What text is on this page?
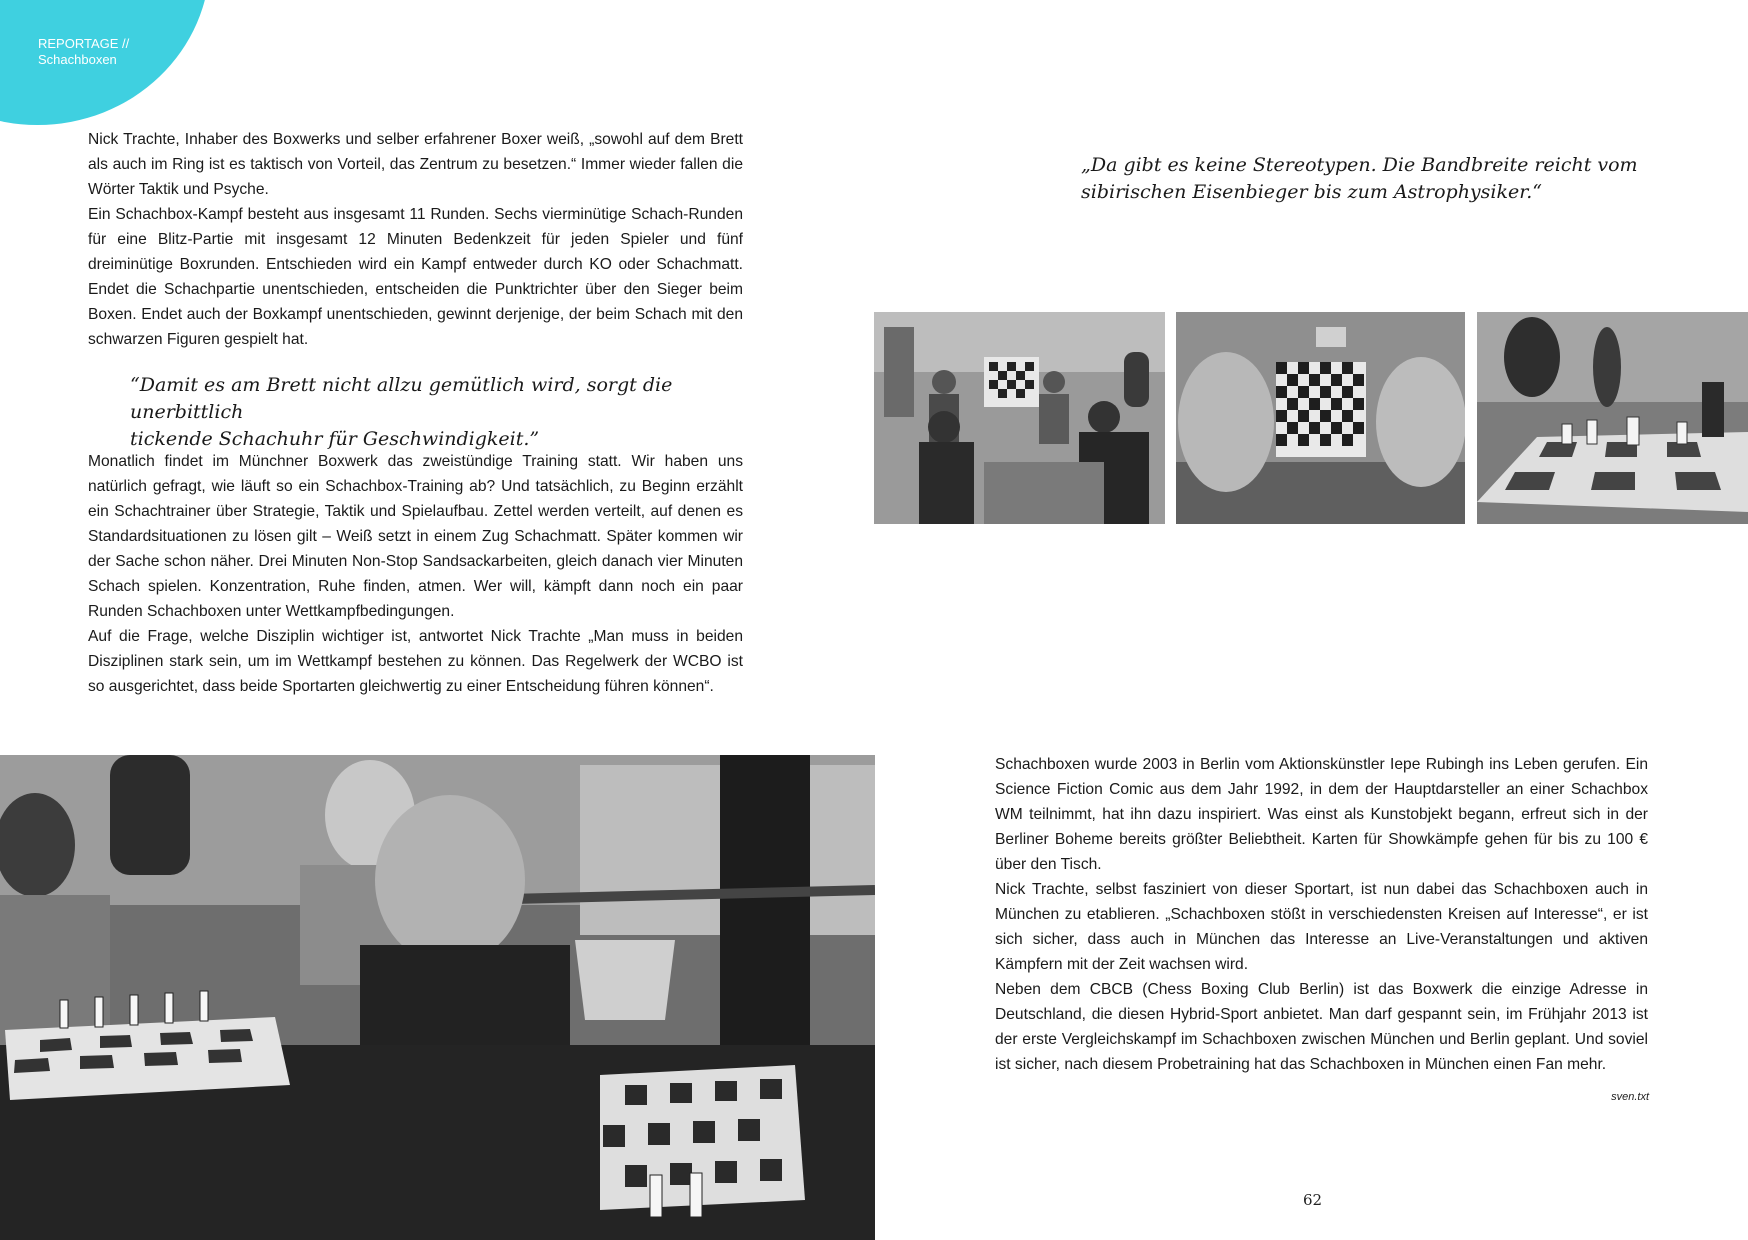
REPORTAGE //
Schachboxen

Nick Trachte, Inhaber des Boxwerks und selber erfahrener Boxer weiß, „sowohl auf dem Brett als auch im Ring ist es taktisch von Vorteil, das Zentrum zu besetzen.“ Immer wieder fallen die Wörter Taktik und Psyche.

Ein Schachbox-Kampf besteht aus insgesamt 11 Runden. Sechs vierminütige Schach-Runden für eine Blitz-Partie mit insgesamt 12 Minuten Bedenkzeit für jeden Spieler und fünf dreiminütige Boxrunden. Entschieden wird ein Kampf entweder durch KO oder Schachmatt. Endet die Schachpartie unentschieden, entscheiden die Punktrichter über den Sieger beim Boxen. Endet auch der Boxkampf unentschieden, gewinnt derjenige, der beim Schach mit den schwarzen Figuren gespielt hat.

“Damit es am Brett nicht allzu gemütlich wird, sorgt die unerbittlich
tickende Schachuhr für Geschwindigkeit.”

Monatlich findet im Münchner Boxwerk das zweistündige Training statt. Wir haben uns natürlich gefragt, wie läuft so ein Schachbox-Training ab? Und tatsächlich, zu Beginn erzählt ein Schachtrainer über Strategie, Taktik und Spielaufbau. Zettel werden verteilt, auf denen es Standardsituationen zu lösen gilt – Weiß setzt in einem Zug Schachmatt. Später kommen wir der Sache schon näher. Drei Minuten Non-Stop Sandsackarbeiten, gleich danach vier Minuten Schach spielen. Konzentration, Ruhe finden, atmen. Wer will, kämpft dann noch ein paar Runden Schachboxen unter Wettkampfbedingungen.

Auf die Frage, welche Disziplin wichtiger ist, antwortet Nick Trachte „Man muss in beiden Disziplinen stark sein, um im Wettkampf bestehen zu können. Das Regelwerk der WCBO ist so ausgerichtet, dass beide Sportarten gleichwertig zu einer Entscheidung führen können“.

„Da gibt es keine Stereotypen. Die Bandbreite reicht vom
sibirischen Eisenbieger bis zum Astrophysiker.“

Schachboxen wurde 2003 in Berlin vom Aktionskünstler Iepe Rubingh ins Leben gerufen. Ein Science Fiction Comic aus dem Jahr 1992, in dem der Hauptdarsteller an einer Schachbox WM teilnimmt, hat ihn dazu inspiriert. Was einst als Kunstobjekt begann, erfreut sich in der Berliner Boheme bereits größter Beliebtheit. Karten für Showkämpfe gehen für bis zu 100 € über den Tisch.

Nick Trachte, selbst fasziniert von dieser Sportart, ist nun dabei das Schachboxen auch in München zu etablieren. „Schachboxen stößt in verschiedensten Kreisen auf Interesse“, er ist sich sicher, dass auch in München das Interesse an Live-Veranstaltungen und aktiven Kämpfern mit der Zeit wachsen wird.

Neben dem CBCB (Chess Boxing Club Berlin) ist das Boxwerk die einzige Adresse in Deutschland, die diesen Hybrid-Sport anbietet. Man darf gespannt sein, im Frühjahr 2013 ist der erste Vergleichskampf im Schachboxen zwischen München und Berlin geplant. Und soviel ist sicher, nach diesem Probetraining hat das Schachboxen in München einen Fan mehr.

sven.txt
62
